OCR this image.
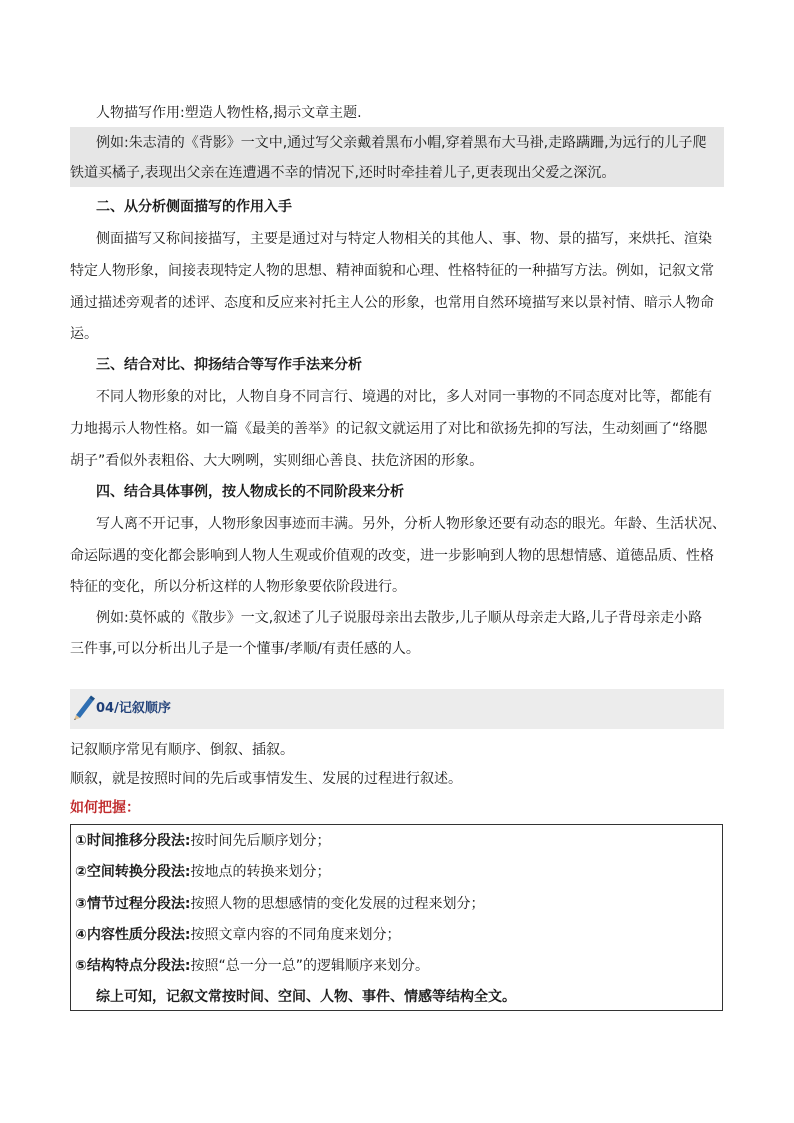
人物描写作用:塑造人物性格,揭示文章主题.
例如:朱志清的《背影》一文中,通过写父亲戴着黑布小帽,穿着黑布大马褂,走路蹒跚,为远行的儿子爬
铁道买橘子,表现出父亲在连遭遇不幸的情况下,还时时牵挂着儿子,更表现出父爱之深沉。
二、从分析侧面描写的作用入手
侧面描写又称间接描写，主要是通过对与特定人物相关的其他人、事、物、景的描写，来烘托、渲染
特定人物形象，间接表现特定人物的思想、精神面貌和心理、性格特征的一种描写方法。例如，记叙文常
通过描述旁观者的述评、态度和反应来衬托主人公的形象，也常用自然环境描写来以景衬情、暗示人物命
运。
三、结合对比、抑扬结合等写作手法来分析
不同人物形象的对比，人物自身不同言行、境遇的对比，多人对同一事物的不同态度对比等，都能有
力地揭示人物性格。如一篇《最美的善举》的记叙文就运用了对比和欲扬先抑的写法，生动刻画了“络腮
胡子”看似外表粗俗、大大咧咧，实则细心善良、扶危济困的形象。
四、结合具体事例，按人物成长的不同阶段来分析
写人离不开记事，人物形象因事迹而丰满。另外，分析人物形象还要有动态的眼光。年龄、生活状况、
命运际遇的变化都会影响到人物人生观或价值观的改变，进一步影响到人物的思想情感、道德品质、性格
特征的变化，所以分析这样的人物形象要依阶段进行。
例如:莫怀戚的《散步》一文,叙述了儿子说服母亲出去散步,儿子顺从母亲走大路,儿子背母亲走小路
三件事,可以分析出儿子是一个懂事/孝顺/有责任感的人。
04/记叙顺序
记叙顺序常见有顺序、倒叙、插叙。
顺叙，就是按照时间的先后或事情发生、发展的过程进行叙述。
如何把握：
①时间推移分段法:按时间先后顺序划分；
②空间转换分段法:按地点的转换来划分；
③情节过程分段法:按照人物的思想感情的变化发展的过程来划分；
④内容性质分段法:按照文章内容的不同角度来划分；
⑤结构特点分段法:按照“总一分一总”的逻辑顺序来划分。
综上可知，记叙文常按时间、空间、人物、事件、情感等结构全文。
